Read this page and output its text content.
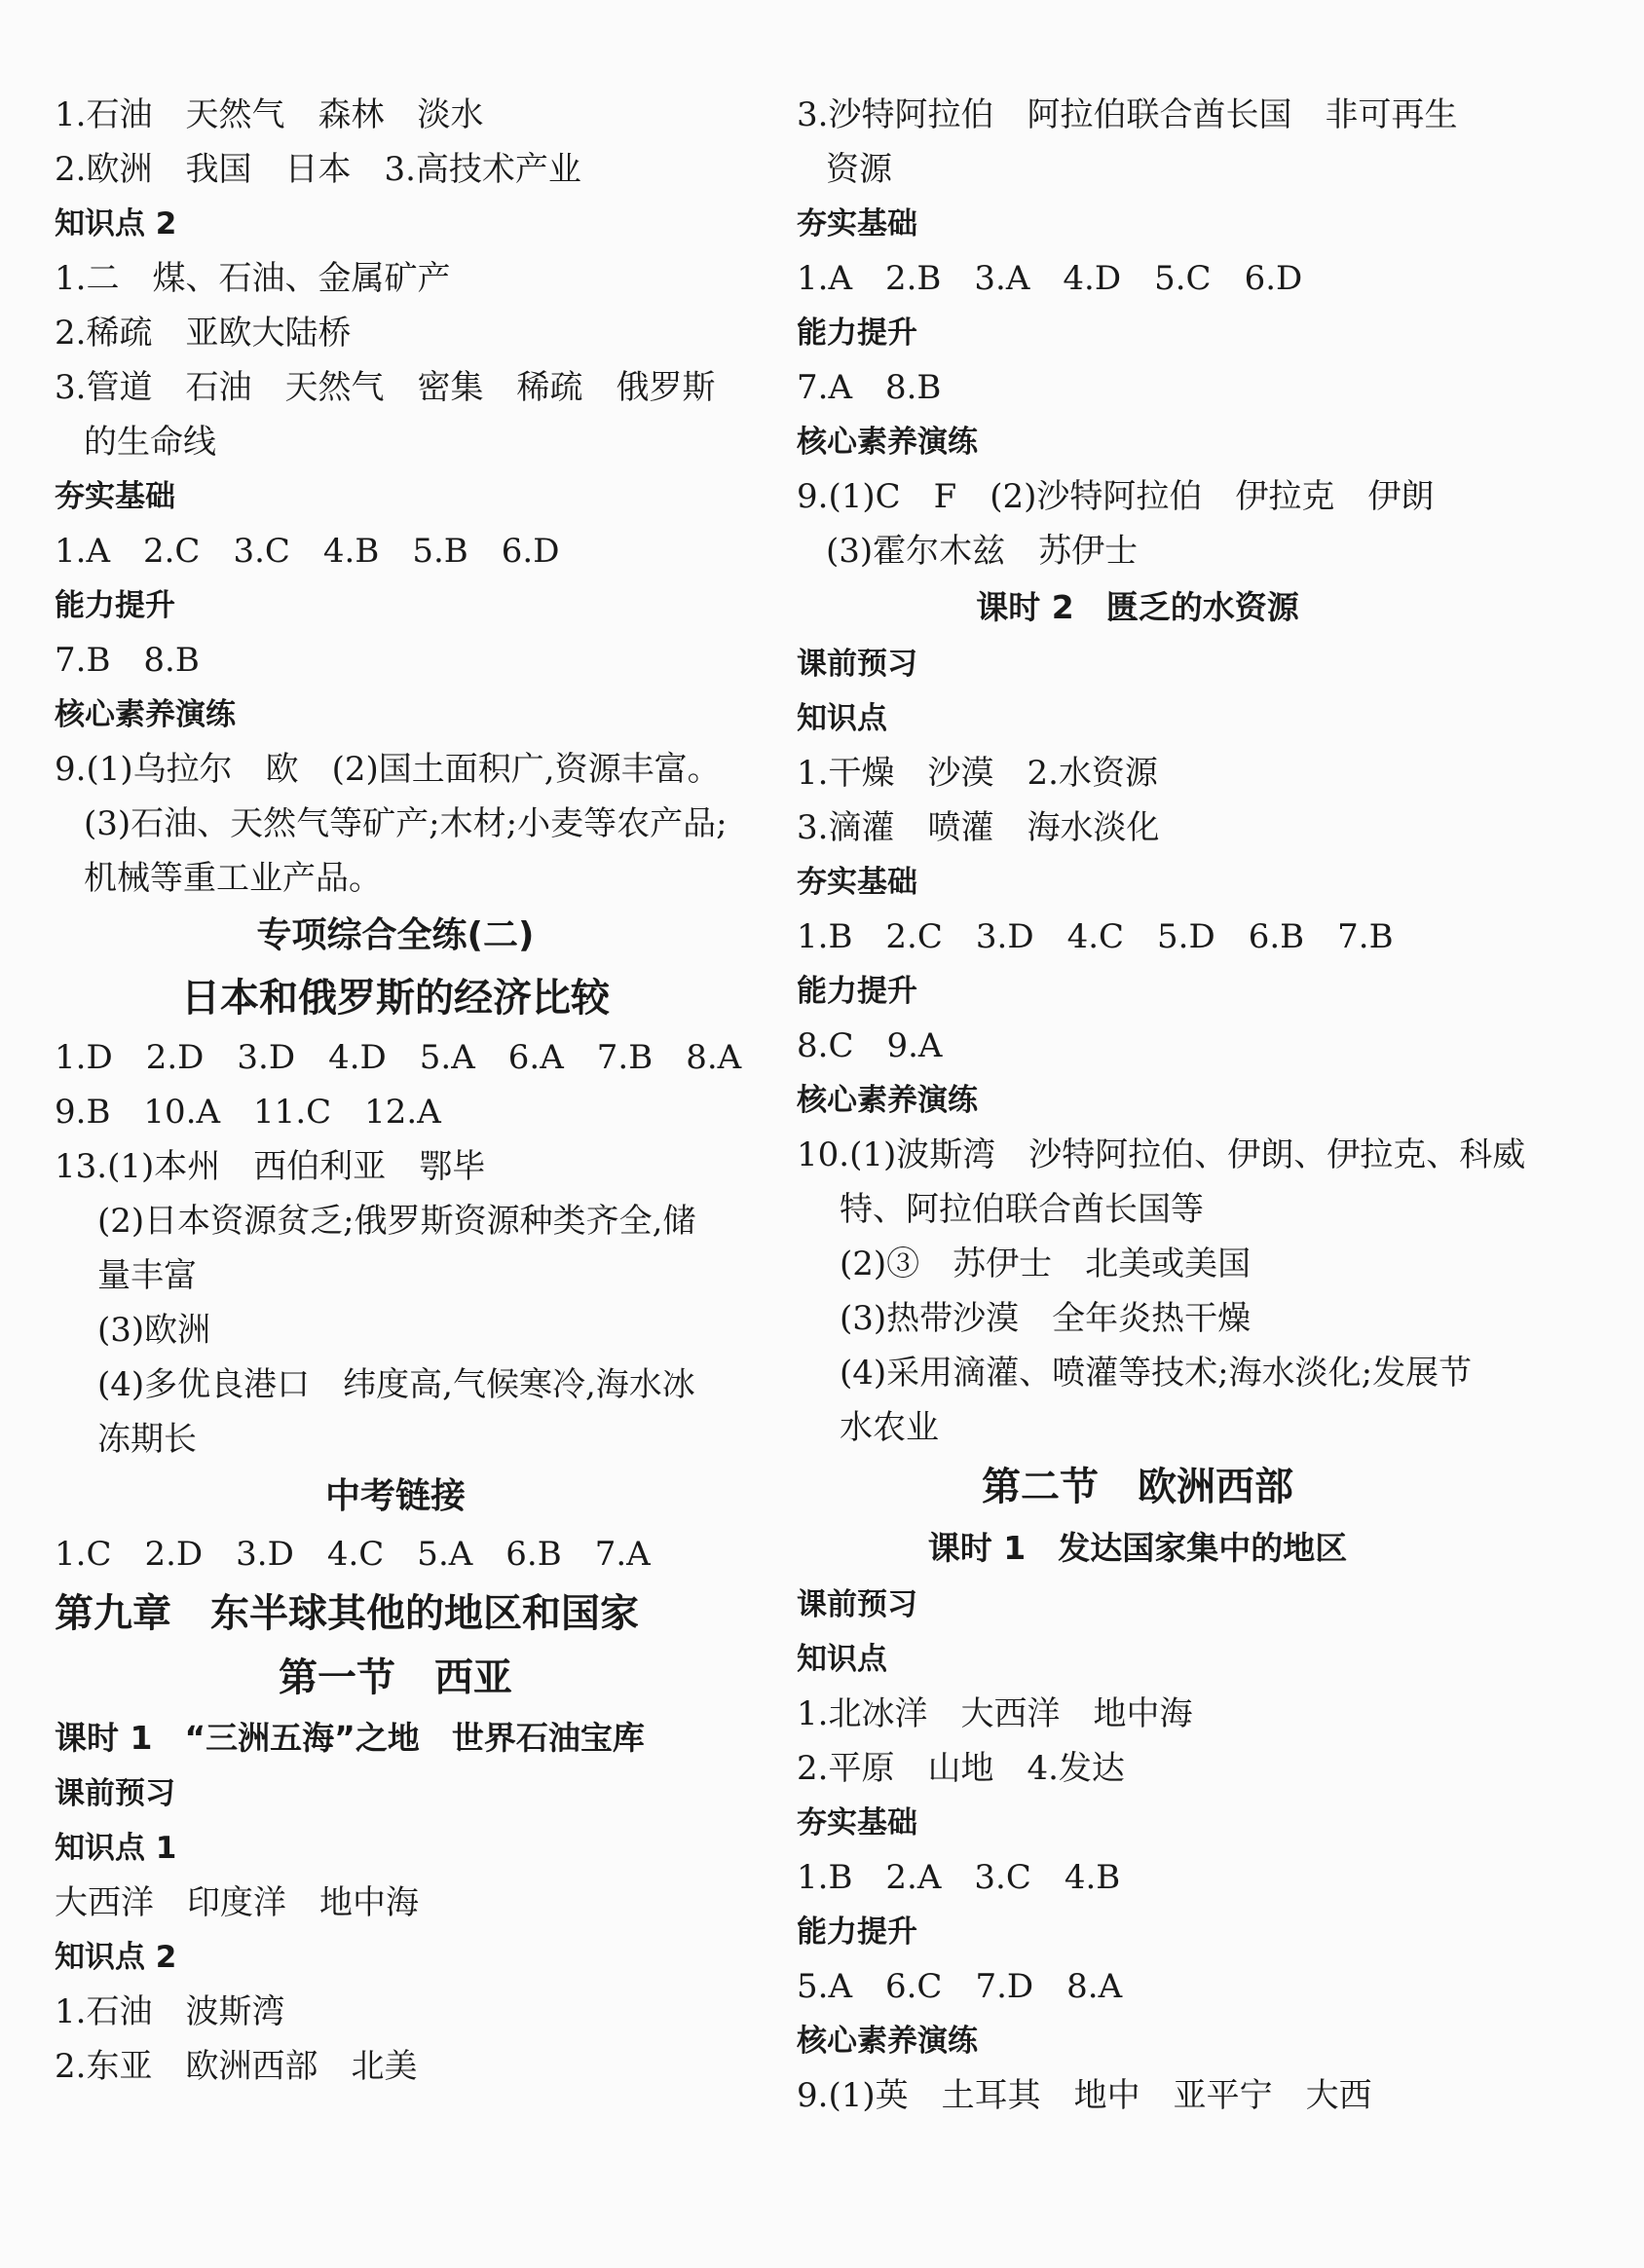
1.石油　天然气　森林　淡水
2.欧洲　我国　日本　3.高技术产业
知识点 2
1.二　煤、石油、金属矿产
2.稀疏　亚欧大陆桥
3.管道　石油　天然气　密集　稀疏　俄罗斯
的生命线
夯实基础
1.A　2.C　3.C　4.B　5.B　6.D
能力提升
7.B　8.B
核心素养演练
9.(1)乌拉尔　欧　(2)国土面积广,资源丰富。
(3)石油、天然气等矿产;木材;小麦等农产品;
机械等重工业产品。
专项综合全练(二)
日本和俄罗斯的经济比较
1.D　2.D　3.D　4.D　5.A　6.A　7.B　8.A
9.B　10.A　11.C　12.A
13.(1)本州　西伯利亚　鄂毕
(2)日本资源贫乏;俄罗斯资源种类齐全,储
量丰富
(3)欧洲
(4)多优良港口　纬度高,气候寒冷,海水冰
冻期长
中考链接
1.C　2.D　3.D　4.C　5.A　6.B　7.A
第九章　东半球其他的地区和国家
第一节　西亚
课时 1　“三洲五海”之地　世界石油宝库
课前预习
知识点 1
大西洋　印度洋　地中海
知识点 2
1.石油　波斯湾
2.东亚　欧洲西部　北美
3.沙特阿拉伯　阿拉伯联合酋长国　非可再生
资源
夯实基础
1.A　2.B　3.A　4.D　5.C　6.D
能力提升
7.A　8.B
核心素养演练
9.(1)C　F　(2)沙特阿拉伯　伊拉克　伊朗
(3)霍尔木兹　苏伊士
课时 2　匮乏的水资源
课前预习
知识点
1.干燥　沙漠　2.水资源
3.滴灌　喷灌　海水淡化
夯实基础
1.B　2.C　3.D　4.C　5.D　6.B　7.B
能力提升
8.C　9.A
核心素养演练
10.(1)波斯湾　沙特阿拉伯、伊朗、伊拉克、科威
特、阿拉伯联合酋长国等
(2)③　苏伊士　北美或美国
(3)热带沙漠　全年炎热干燥
(4)采用滴灌、喷灌等技术;海水淡化;发展节
水农业
第二节　欧洲西部
课时 1　发达国家集中的地区
课前预习
知识点
1.北冰洋　大西洋　地中海
2.平原　山地　4.发达
夯实基础
1.B　2.A　3.C　4.B
能力提升
5.A　6.C　7.D　8.A
核心素养演练
9.(1)英　土耳其　地中　亚平宁　大西
